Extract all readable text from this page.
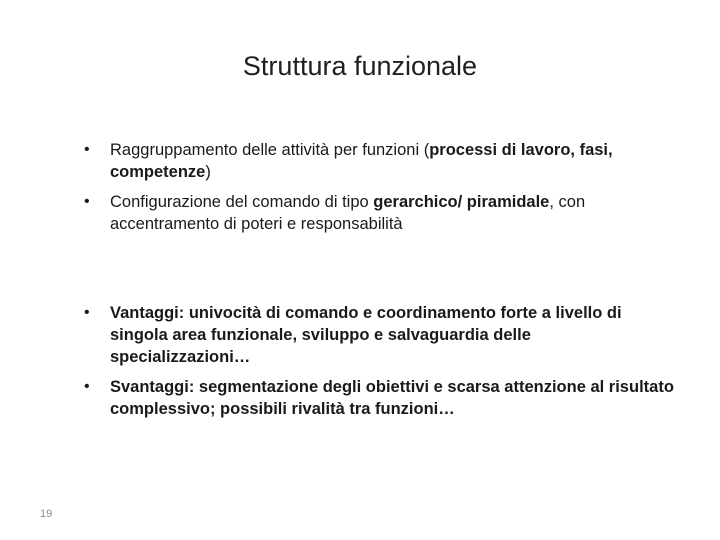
Struttura funzionale
• Raggruppamento delle attività per funzioni (processi di lavoro, fasi, competenze)
• Configurazione del comando di tipo gerarchico/ piramidale, con accentramento di poteri e responsabilità
• Vantaggi: univocità di comando e coordinamento forte a livello di singola area funzionale, sviluppo e salvaguardia delle specializzazioni…
• Svantaggi: segmentazione degli obiettivi e scarsa attenzione al risultato complessivo; possibili rivalità tra funzioni…
19
